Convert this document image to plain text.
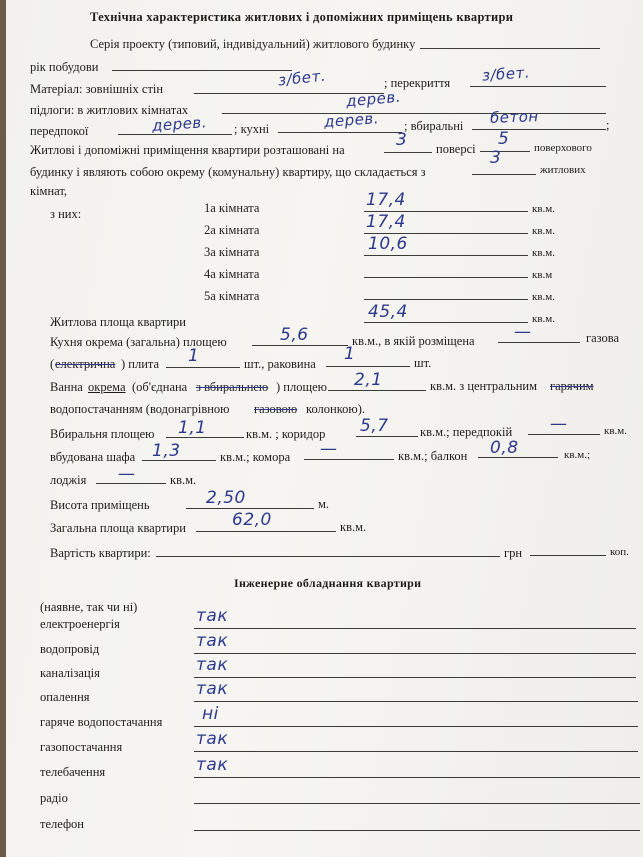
Технічна характеристика житлових і допоміжних приміщень квартири
Серія проекту (типовий, індивідуальний) житлового будинку
рік побудови
Матеріал: зовнішніх стін	з/бет.	; перекриття з/бет.
підлоги: в житлових кімнатах	дерев.
передпокої	дерев. ; кухні	дерев. ; вбиральні бетон	;
Житлові і допоміжні приміщення квартири розташовані на	3 поверсі 5 поверхового
будинку і являють собою окрему (комунальну) квартиру, що складається з
3
житлових
кімнат,
з них:	1а кімната	17,4	кв.м.
2а кімната	17,4	кв.м.
3а кімната	10,6	кв.м.
4а кімната	кв.м
5а кімната	кв.м.
Житлова площа квартири	45,4	кв.м.
Кухня окрема (загальна) площею	5,6	кв.м., в якій розміщена —	газова
( електрична ) плита 1	шт., раковина 1	шт.
Ванна окрема (об'єднана з вбиральнею ) площею 2,1	кв.м. з центральним гарячим
водопостачанням (водонагрівною газовою колонкою).
Вбиральня площею 1,1	кв.м. ; коридор 5,7	кв.м.; передпокій —	кв.м.
вбудована шафа 1,3	кв.м.; комора —	кв.м.; балкон 0,8	кв.м.;
лоджія —	кв.м.
Висота приміщень	2,50	м.
Загальна площа квартири	62,0	кв.м.
Вартість квартири:	грн	коп.
Інженерне обладнання квартири
(наявне, так чи ні)
електроенергія	так
водопровід	так
каналізація	так
опалення	так
гаряче водопостачання ні
газопостачання	так
телебачення	так
радіо
телефон
